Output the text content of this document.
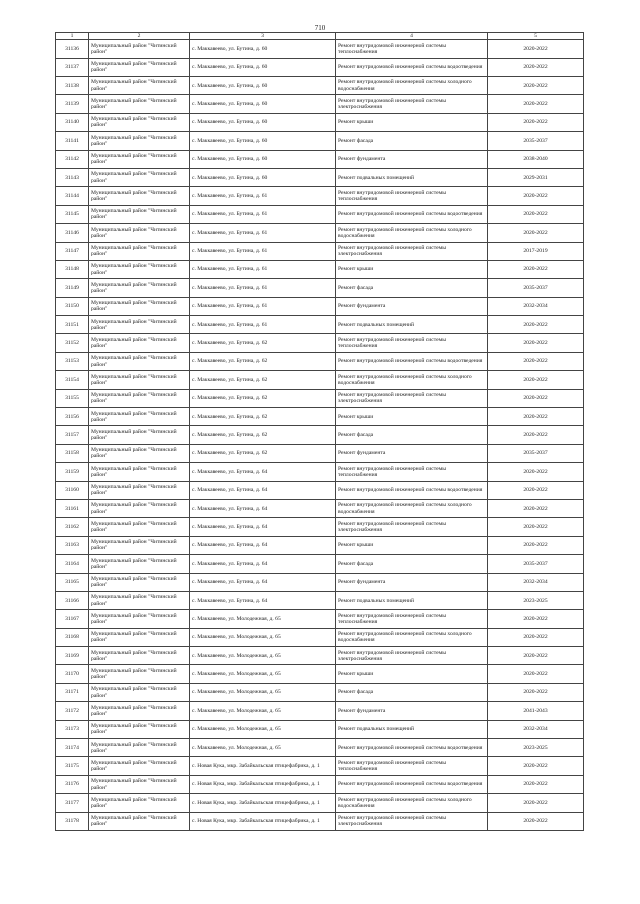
710
1	2	3	4	5
31136	Муниципальный район "Читинский район"	с. Маккавеево, ул. Бутина, д. 60	Ремонт внутридомовой инженерной системы теплоснабжения	2020-2022
31137	Муниципальный район "Читинский район"	с. Маккавеево, ул. Бутина, д. 60	Ремонт внутридомовой инженерной системы водоотведения	2020-2022
31138	Муниципальный район "Читинский район"	с. Маккавеево, ул. Бутина, д. 60	Ремонт внутридомовой инженерной системы холодного водоснабжения	2020-2022
31139	Муниципальный район "Читинский район"	с. Маккавеево, ул. Бутина, д. 60	Ремонт внутридомовой инженерной системы электроснабжения	2020-2022
31140	Муниципальный район "Читинский район"	с. Маккавеево, ул. Бутина, д. 60	Ремонт крыши	2020-2022
31141	Муниципальный район "Читинский район"	с. Маккавеево, ул. Бутина, д. 60	Ремонт фасада	2035-2037
31142	Муниципальный район "Читинский район"	с. Маккавеево, ул. Бутина, д. 60	Ремонт фундамента	2038-2040
31143	Муниципальный район "Читинский район"	с. Маккавеево, ул. Бутина, д. 60	Ремонт подвальных помещений	2029-2031
31144	Муниципальный район "Читинский район"	с. Маккавеево, ул. Бутина, д. 61	Ремонт внутридомовой инженерной системы теплоснабжения	2020-2022
31145	Муниципальный район "Читинский район"	с. Маккавеево, ул. Бутина, д. 61	Ремонт внутридомовой инженерной системы водоотведения	2020-2022
31146	Муниципальный район "Читинский район"	с. Маккавеево, ул. Бутина, д. 61	Ремонт внутридомовой инженерной системы холодного водоснабжения	2020-2022
31147	Муниципальный район "Читинский район"	с. Маккавеево, ул. Бутина, д. 61	Ремонт внутридомовой инженерной системы электроснабжения	2017-2019
31148	Муниципальный район "Читинский район"	с. Маккавеево, ул. Бутина, д. 61	Ремонт крыши	2020-2022
31149	Муниципальный район "Читинский район"	с. Маккавеево, ул. Бутина, д. 61	Ремонт фасада	2035-2037
31150	Муниципальный район "Читинский район"	с. Маккавеево, ул. Бутина, д. 61	Ремонт фундамента	2032-2034
31151	Муниципальный район "Читинский район"	с. Маккавеево, ул. Бутина, д. 61	Ремонт подвальных помещений	2020-2022
31152	Муниципальный район "Читинский район"	с. Маккавеево, ул. Бутина, д. 62	Ремонт внутридомовой инженерной системы теплоснабжения	2020-2022
31153	Муниципальный район "Читинский район"	с. Маккавеево, ул. Бутина, д. 62	Ремонт внутридомовой инженерной системы водоотведения	2020-2022
31154	Муниципальный район "Читинский район"	с. Маккавеево, ул. Бутина, д. 62	Ремонт внутридомовой инженерной системы холодного водоснабжения	2020-2022
31155	Муниципальный район "Читинский район"	с. Маккавеево, ул. Бутина, д. 62	Ремонт внутридомовой инженерной системы электроснабжения	2020-2022
31156	Муниципальный район "Читинский район"	с. Маккавеево, ул. Бутина, д. 62	Ремонт крыши	2020-2022
31157	Муниципальный район "Читинский район"	с. Маккавеево, ул. Бутина, д. 62	Ремонт фасада	2020-2022
31158	Муниципальный район "Читинский район"	с. Маккавеево, ул. Бутина, д. 62	Ремонт фундамента	2035-2037
31159	Муниципальный район "Читинский район"	с. Маккавеево, ул. Бутина, д. 64	Ремонт внутридомовой инженерной системы теплоснабжения	2020-2022
31160	Муниципальный район "Читинский район"	с. Маккавеево, ул. Бутина, д. 64	Ремонт внутридомовой инженерной системы водоотведения	2020-2022
31161	Муниципальный район "Читинский район"	с. Маккавеево, ул. Бутина, д. 64	Ремонт внутридомовой инженерной системы холодного водоснабжения	2020-2022
31162	Муниципальный район "Читинский район"	с. Маккавеево, ул. Бутина, д. 64	Ремонт внутридомовой инженерной системы электроснабжения	2020-2022
31163	Муниципальный район "Читинский район"	с. Маккавеево, ул. Бутина, д. 64	Ремонт крыши	2020-2022
31164	Муниципальный район "Читинский район"	с. Маккавеево, ул. Бутина, д. 64	Ремонт фасада	2035-2037
31165	Муниципальный район "Читинский район"	с. Маккавеево, ул. Бутина, д. 64	Ремонт фундамента	2032-2034
31166	Муниципальный район "Читинский район"	с. Маккавеево, ул. Бутина, д. 64	Ремонт подвальных помещений	2023-2025
31167	Муниципальный район "Читинский район"	с. Маккавеево, ул. Молодежная, д. 65	Ремонт внутридомовой инженерной системы теплоснабжения	2020-2022
31168	Муниципальный район "Читинский район"	с. Маккавеево, ул. Молодежная, д. 65	Ремонт внутридомовой инженерной системы холодного водоснабжения	2020-2022
31169	Муниципальный район "Читинский район"	с. Маккавеево, ул. Молодежная, д. 65	Ремонт внутридомовой инженерной системы электроснабжения	2020-2022
31170	Муниципальный район "Читинский район"	с. Маккавеево, ул. Молодежная, д. 65	Ремонт крыши	2020-2022
31171	Муниципальный район "Читинский район"	с. Маккавеево, ул. Молодежная, д. 65	Ремонт фасада	2020-2022
31172	Муниципальный район "Читинский район"	с. Маккавеево, ул. Молодежная, д. 65	Ремонт фундамента	2041-2043
31173	Муниципальный район "Читинский район"	с. Маккавеево, ул. Молодежная, д. 65	Ремонт подвальных помещений	2032-2034
31174	Муниципальный район "Читинский район"	с. Маккавеево, ул. Молодежная, д. 65	Ремонт внутридомовой инженерной системы водоотведения	2023-2025
31175	Муниципальный район "Читинский район"	с. Новая Кука, мкр. Забайкальская птицефабрика, д. 1	Ремонт внутридомовой инженерной системы теплоснабжения	2020-2022
31176	Муниципальный район "Читинский район"	с. Новая Кука, мкр. Забайкальская птицефабрика, д. 1	Ремонт внутридомовой инженерной системы водоотведения	2020-2022
31177	Муниципальный район "Читинский район"	с. Новая Кука, мкр. Забайкальская птицефабрика, д. 1	Ремонт внутридомовой инженерной системы холодного водоснабжения	2020-2022
31178	Муниципальный район "Читинский район"	с. Новая Кука, мкр. Забайкальская птицефабрика, д. 1	Ремонт внутридомовой инженерной системы электроснабжения	2020-2022
